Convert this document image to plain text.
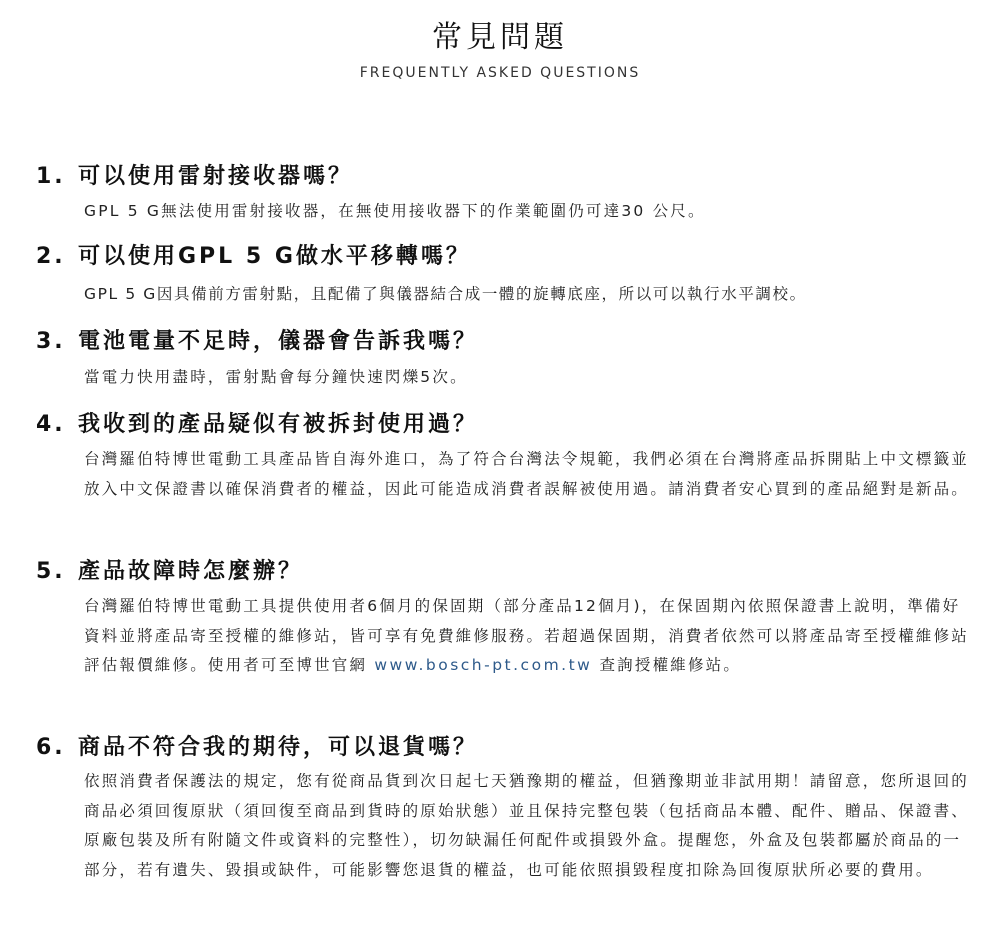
常見問題
FREQUENTLY ASKED QUESTIONS
1. 可以使用雷射接收器嗎？
GPL 5 G無法使用雷射接收器，在無使用接收器下的作業範圍仍可達30 公尺。
2. 可以使用GPL 5 G做水平移轉嗎？
GPL 5 G因具備前方雷射點，且配備了與儀器結合成一體的旋轉底座，所以可以執行水平調校。
3. 電池電量不足時，儀器會告訴我嗎？
當電力快用盡時，雷射點會每分鐘快速閃爍5次。
4. 我收到的產品疑似有被拆封使用過？
台灣羅伯特博世電動工具產品皆自海外進口，為了符合台灣法令規範，我們必須在台灣將產品拆開貼上中文標籤並放入中文保證書以確保消費者的權益，因此可能造成消費者誤解被使用過。請消費者安心買到的產品絕對是新品。
5. 產品故障時怎麼辦？
台灣羅伯特博世電動工具提供使用者6個月的保固期（部分產品12個月)，在保固期內依照保證書上說明，準備好資料並將產品寄至授權的維修站，皆可享有免費維修服務。若超過保固期，消費者依然可以將產品寄至授權維修站評估報價維修。使用者可至博世官網 www.bosch-pt.com.tw 查詢授權維修站。
6. 商品不符合我的期待，可以退貨嗎？
依照消費者保護法的規定，您有從商品貨到次日起七天猶豫期的權益，但猶豫期並非試用期！請留意，您所退回的商品必須回復原狀（須回復至商品到貨時的原始狀態）並且保持完整包裝（包括商品本體、配件、贈品、保證書、原廠包裝及所有附隨文件或資料的完整性），切勿缺漏任何配件或損毀外盒。提醒您，外盒及包裝都屬於商品的一部分，若有遺失、毀損或缺件，可能影響您退貨的權益，也可能依照損毀程度扣除為回復原狀所必要的費用。
